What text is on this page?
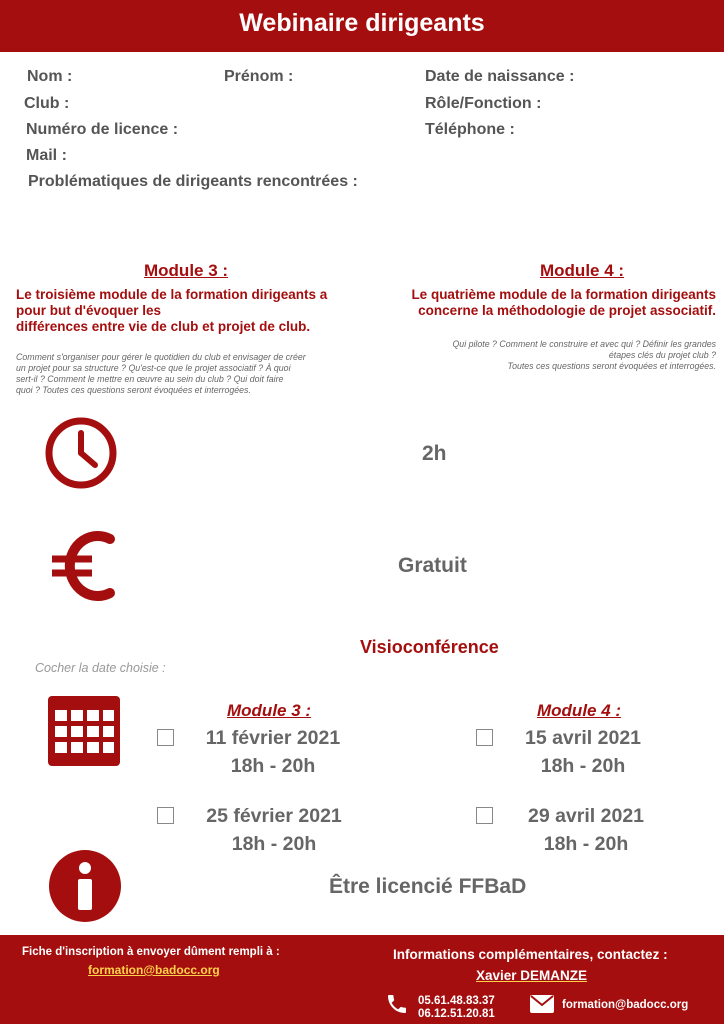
Webinaire dirigeants
Nom :	Prénom :	Date de naissance :
Club :	Rôle/Fonction :
Numéro de licence :	Téléphone :
Mail :
Problématiques de dirigeants rencontrées :
Module 3 :
Le troisième module de la formation dirigeants a
pour but d'évoquer les
différences entre vie de club et projet de club.
Comment s'organiser pour gérer le quotidien du club et envisager de créer
un projet pour sa structure ? Qu'est-ce que le projet associatif ? À quoi
sert-il ? Comment le mettre en œuvre au sein du club ? Qui doit faire
quoi ? Toutes ces questions seront évoquées et interrogées.
Module 4 :
Le quatrième module de la formation dirigeants
concerne la méthodologie de projet associatif.
Qui pilote ? Comment le construire et avec qui ? Définir les grandes
étapes clés du projet club ?
Toutes ces questions seront évoquées et interrogées.
2h
Gratuit
Visioconférence
Cocher la date choisie :
Module 3 :	Module 4 :
11 février 2021
18h - 20h
15 avril 2021
18h - 20h
25 février 2021
18h - 20h
29 avril 2021
18h - 20h
Être licencié FFBaD
Fiche d'inscription à envoyer dûment rempli à :
formation@badocc.org
Informations complémentaires, contactez :
Xavier DEMANZE
05.61.48.83.37
06.12.51.20.81
formation@badocc.org
